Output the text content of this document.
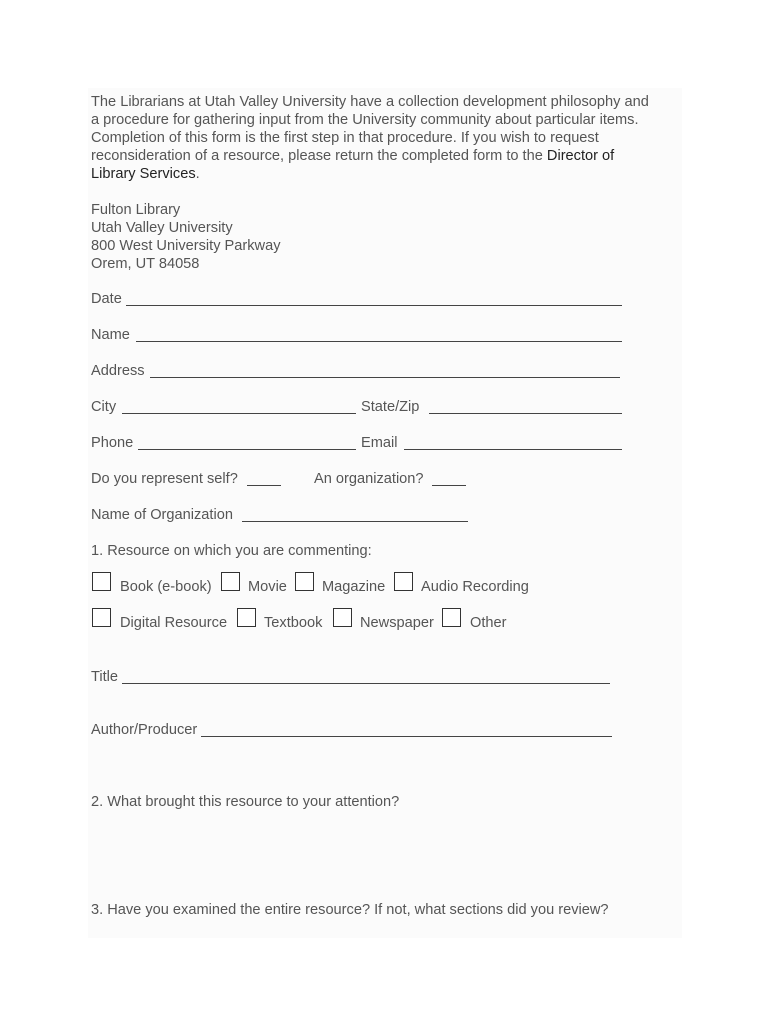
The Librarians at Utah Valley University have a collection development philosophy and
a procedure for gathering input from the University community about particular items.
Completion of this form is the first step in that procedure. If you wish to request
reconsideration of a resource, please return the completed form to the Director of
Library Services.
Fulton Library
Utah Valley University
800 West University Parkway
Orem, UT 84058
Date
Name
Address
City	State/Zip
Phone	Email
Do you represent self?	An organization?
Name of Organization
1. Resource on which you are commenting:
Book (e-book) Movie Magazine Audio Recording
Digital Resource	Textbook	Newspaper Other
Title
Author/Producer
2. What brought this resource to your attention?
3. Have you examined the entire resource? If not, what sections did you review?
